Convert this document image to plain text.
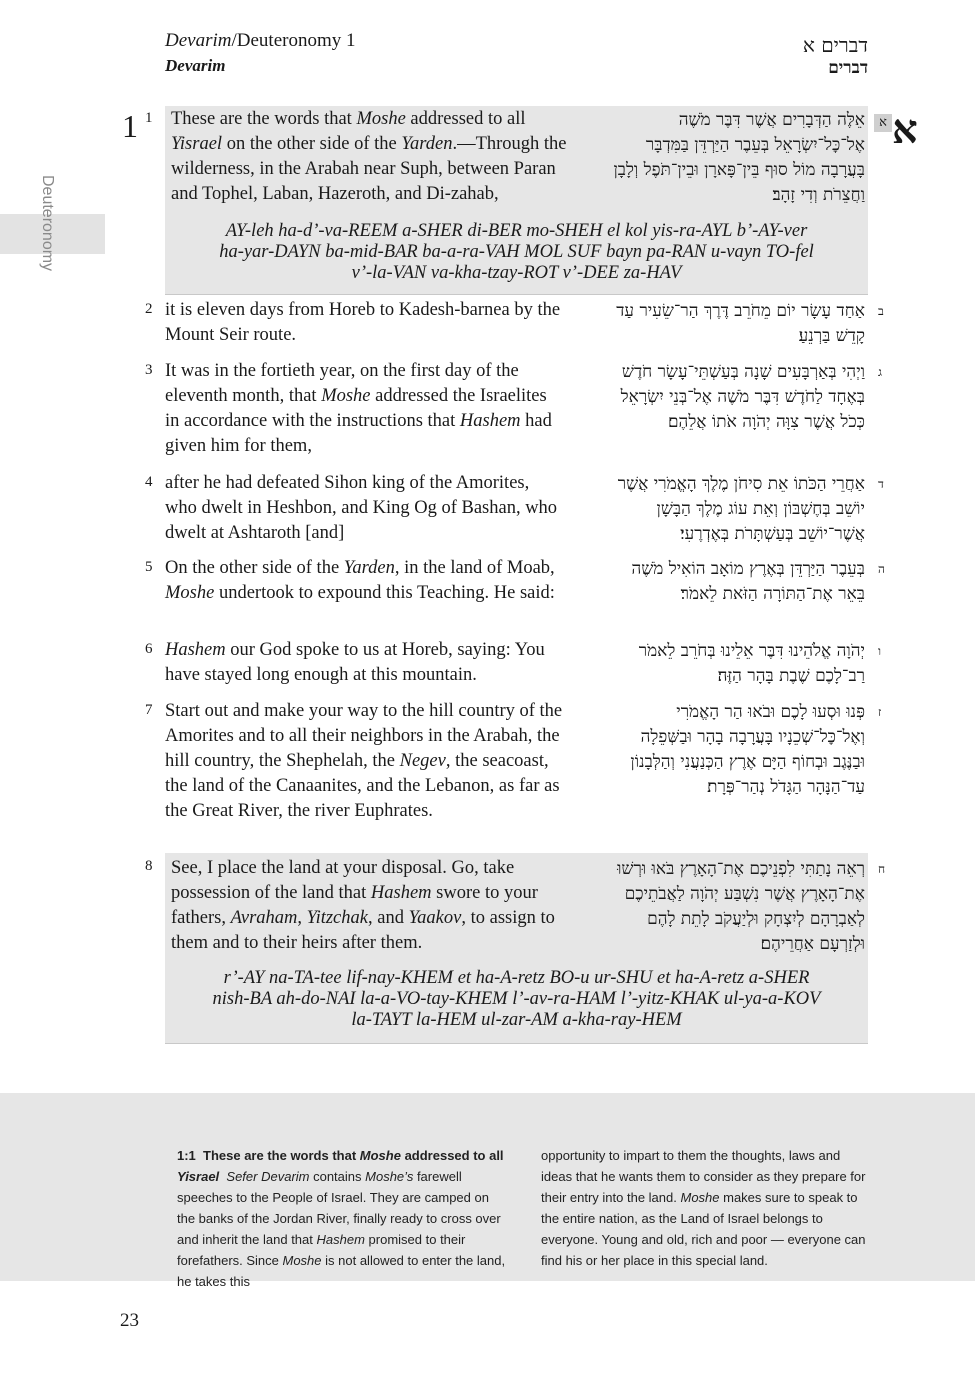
Devarim/Deuteronomy 1
Devarim
דברים א
דברים
Deuteronomy
1	א א
1 These are the words that Moshe addressed to all Yisrael on the other side of the Yarden.—Through the wilderness, in the Arabah near Suph, between Paran and Tophel, Laban, Hazeroth, and Di-zahab,
אֵלֶּה הַדְּבָרִים אֲשֶׁר דִּבֶּר מֹשֶׁה אֶל־כׇּל־יִשְׂרָאֵל בְּעֵבֶר הַיַּרְדֵּן בַּמִּדְבָּר בָּעֲרָבָה מוֹל סוּף בֵּין־פָּארָן וּבֵין־תֹּפֶל וְלָבָן וַחֲצֵרֹת וְדִי זָהָב׃
AY-leh ha-d’-va-REEM a-SHER di-BER mo-SHEH el kol yis-ra-AYL b’-AY-ver
ha-yar-DAYN ba-mid-BAR ba-a-ra-VAH MOL SUF bayn pa-RAN u-vayn TO-fel
v’-la-VAN va-kha-tzay-ROT v’-DEE za-HAV
2 it is eleven days from Horeb to Kadesh-barnea by the Mount Seir route.
ב
אַחַד עָשָׂר יוֹם מֵחֹרֵב דֶּרֶךְ הַר־שֵׂעִיר עַד קָדֵשׁ בַּרְנֵעַ׃
3 It was in the fortieth year, on the first day of the eleventh month, that Moshe addressed the Israelites in accordance with the instructions that Hashem had given him for them,
ג
וַיְהִי בְּאַרְבָּעִים שָׁנָה בְּעַשְׁתֵּי־עָשָׂר חֹדֶשׁ בְּאֶחָד לַחֹדֶשׁ דִּבֶּר מֹשֶׁה אֶל־בְּנֵי יִשְׂרָאֵל כְּכֹל אֲשֶׁר צִוָּה יְהֹוָה אֹתוֹ אֲלֵהֶם׃
4 after he had defeated Sihon king of the Amorites, who dwelt in Heshbon, and King Og of Bashan, who dwelt at Ashtaroth [and]
ד
אַחֲרֵי הַכֹּתוֹ אֵת סִיחֹן מֶלֶךְ הָאֱמֹרִי אֲשֶׁר יוֹשֵׁב בְּחֶשְׁבּוֹן וְאֵת עוֹג מֶלֶךְ הַבָּשָׁן אֲשֶׁר־יוֹשֵׁב בְּעַשְׁתָּרֹת בְּאֶדְרֶעִי׃
5 On the other side of the Yarden, in the land of Moab, Moshe undertook to expound this Teaching. He said:
ה
בְּעֵבֶר הַיַּרְדֵּן בְּאֶרֶץ מוֹאָב הוֹאִיל מֹשֶׁה בֵּאֵר אֶת־הַתּוֹרָה הַזֹּאת לֵאמֹר׃
6 Hashem our God spoke to us at Horeb, saying: You have stayed long enough at this mountain.
ו
יְהֹוָה אֱלֹהֵינוּ דִּבֶּר אֵלֵינוּ בְּחֹרֵב לֵאמֹר רַב־לָכֶם שֶׁבֶת בָּהָר הַזֶּה׃
7 Start out and make your way to the hill country of the Amorites and to all their neighbors in the Arabah, the hill country, the Shephelah, the Negev, the seacoast, the land of the Canaanites, and the Lebanon, as far as the Great River, the river Euphrates.
ז
פְּנוּ וּסְעוּ לָכֶם וּבֹאוּ הַר הָאֱמֹרִי וְאֶל־כׇּל־שְׁכֵנָיו בָּעֲרָבָה בָהָר וּבַשְּׁפֵלָה וּבַנֶּגֶב וּבְחוֹף הַיָּם אֶרֶץ הַכְּנַעֲנִי וְהַלְּבָנוֹן עַד־הַנָּהָר הַגָּדֹל נְהַר־פְּרָת׃
8 See, I place the land at your disposal. Go, take possession of the land that Hashem swore to your fathers, Avraham, Yitzchak, and Yaakov, to assign to them and to their heirs after them.
ח
רְאֵה נָתַתִּי לִפְנֵיכֶם אֶת־הָאָרֶץ בֹּאוּ וּרְשׁוּ אֶת־הָאָרֶץ אֲשֶׁר נִשְׁבַּע יְהֹוָה לַאֲבֹתֵיכֶם לְאַבְרָהָם לְיִצְחָק וּלְיַעֲקֹב לָתֵת לָהֶם וּלְזַרְעָם אַחֲרֵיהֶם׃
r’-AY na-TA-tee lif-nay-KHEM et ha-A-retz BO-u ur-SHU et ha-A-retz a-SHER
nish-BA ah-do-NAI la-a-VO-tay-KHEM l’-av-ra-HAM l’-yitz-KHAK ul-ya-a-KOV
la-TAYT la-HEM ul-zar-AM a-kha-ray-HEM
1:1  These are the words that Moshe addressed to all Yisrael Sefer Devarim contains Moshe’s farewell speeches to the People of Israel. They are camped on the banks of the Jordan River, finally ready to cross over and inherit the land that Hashem promised to their forefathers. Since Moshe is not allowed to enter the land, he takes this
opportunity to impart to them the thoughts, laws and ideas that he wants them to consider as they prepare for their entry into the land. Moshe makes sure to speak to the entire nation, as the Land of Israel belongs to everyone. Young and old, rich and poor — everyone can find his or her place in this special land.
23
